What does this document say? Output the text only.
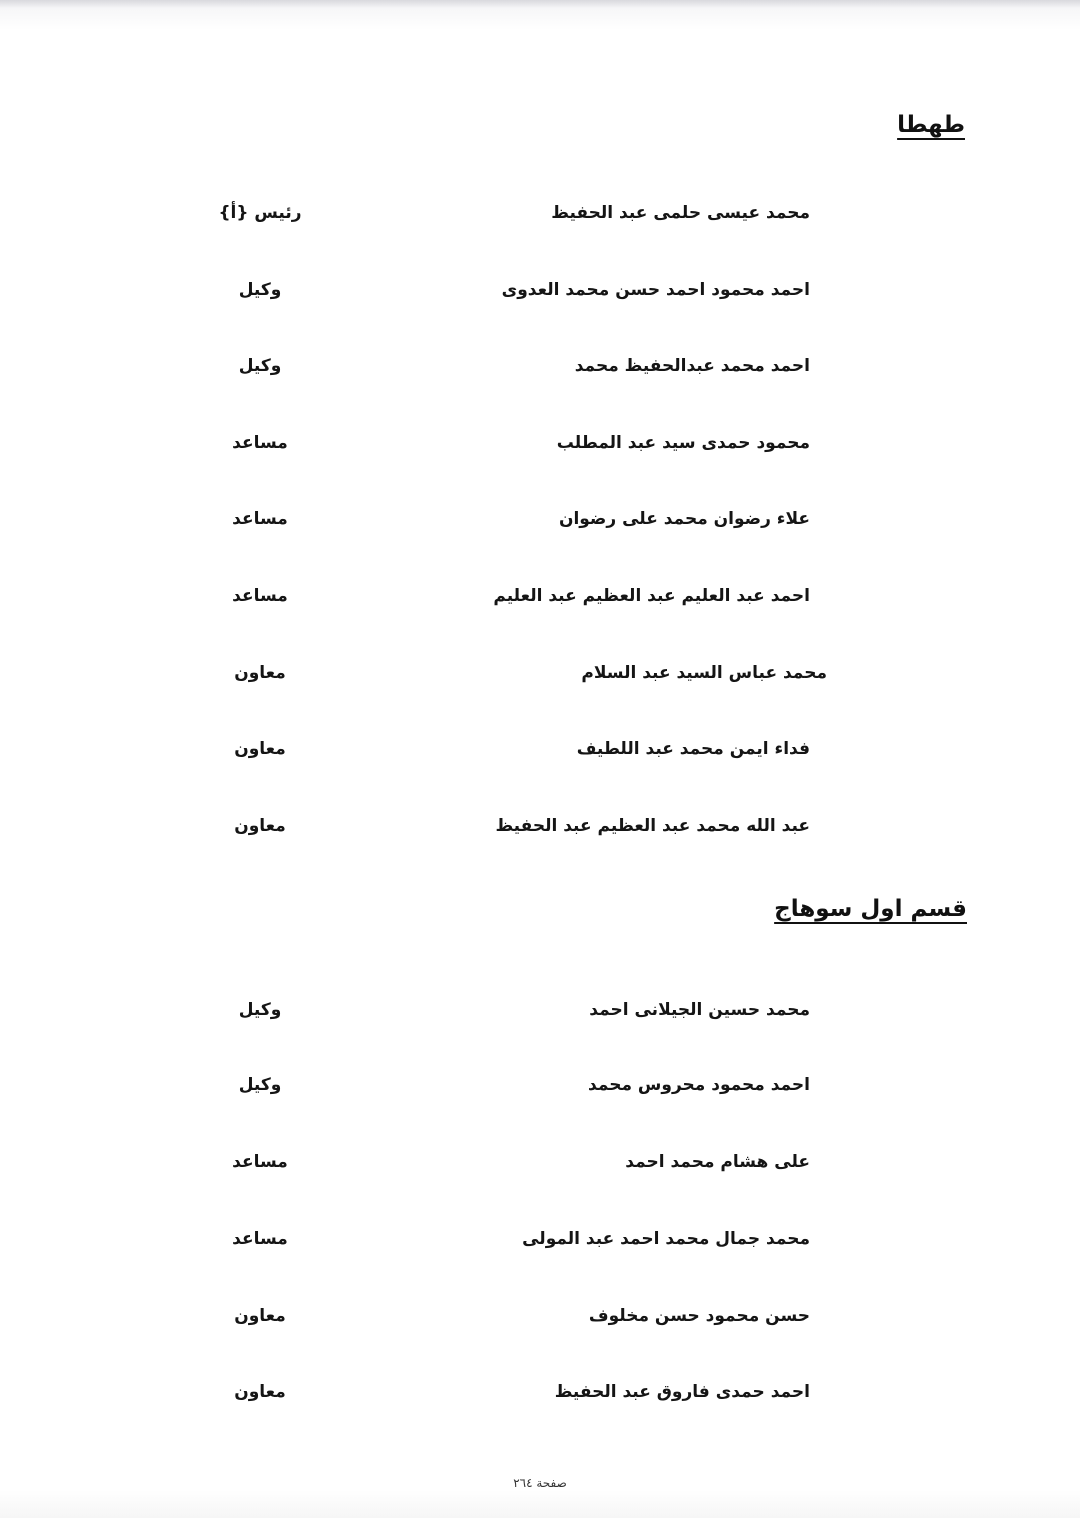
طهطا
محمد عيسى حلمى عبد الحفيظ
رئيس {أ}
احمد محمود احمد حسن محمد العدوى
وكيل
احمد محمد عبدالحفيظ محمد
وكيل
محمود حمدى سيد عبد المطلب
مساعد
علاء رضوان محمد على رضوان
مساعد
احمد عبد العليم عبد العظيم عبد العليم
مساعد
محمد عباس السيد عبد السلام
معاون
فداء ايمن محمد عبد اللطيف
معاون
عبد الله محمد عبد العظيم عبد الحفيظ
معاون
قسم اول سوهاج
محمد حسين الجيلانى احمد
وكيل
احمد محمود محروس محمد
وكيل
على هشام محمد احمد
مساعد
محمد جمال محمد احمد عبد المولى
مساعد
حسن محمود حسن مخلوف
معاون
احمد حمدى فاروق عبد الحفيظ
معاون
صفحة ٢٦٤
